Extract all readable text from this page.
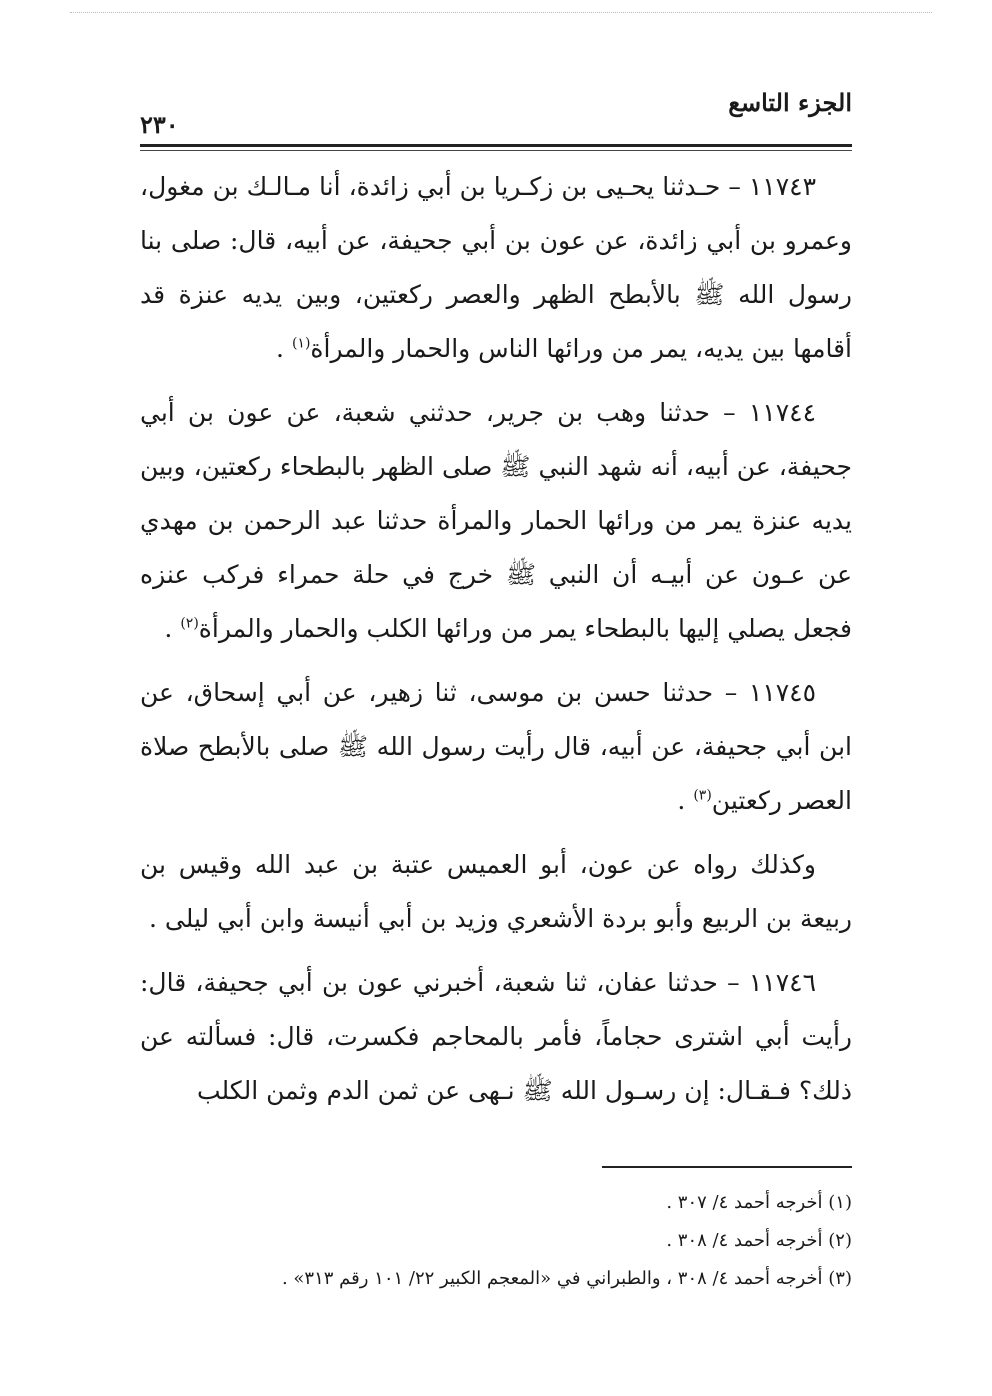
الجزء التاسع
٢٣٠

١١٧٤٣ – حـدثنا يحـيى بن زكـريا بن أبي زائدة، أنا مـالـك بن مغول، وعمرو بن أبي زائدة، عن عون بن أبي جحيفة، عن أبيه، قال: صلى بنا رسول الله ﷺ بالأبطح الظهر والعصر ركعتين، وبين يديه عنزة قد أقامها بين يديه، يمر من ورائها الناس والحمار والمرأة$^{(١)}$ .

١١٧٤٤ – حدثنا وهب بن جرير، حدثني شعبة، عن عون بن أبي جحيفة، عن أبيه، أنه شهد النبي ﷺ صلى الظهر بالبطحاء ركعتين، وبين يديه عنزة يمر من ورائها الحمار والمرأة حدثنا عبد الرحمن بن مهدي عن عـون عن أبيـه أن النبي ﷺ خرج في حلة حمراء فركب عنزه فجعل يصلي إليها بالبطحاء يمر من ورائها الكلب والحمار والمرأة$^{(٢)}$ .

١١٧٤٥ – حدثنا حسن بن موسى، ثنا زهير، عن أبي إسحاق، عن ابن أبي جحيفة، عن أبيه، قال رأيت رسول الله ﷺ صلى بالأبطح صلاة العصر ركعتين$^{(٣)}$ .

وكذلك رواه عن عون، أبو العميس عتبة بن عبد الله وقيس بن ربيعة بن الربيع وأبو بردة الأشعري وزيد بن أبي أنيسة وابن أبي ليلى .

١١٧٤٦ – حدثنا عفان، ثنا شعبة، أخبرني عون بن أبي جحيفة، قال: رأيت أبي اشترى حجاماً، فأمر بالمحاجم فكسرت، قال: فسألته عن ذلك؟ فـقـال: إن رسـول الله ﷺ نـهى عن ثمن الدم وثمن الكلب

(١) أخرجه أحمد ٤/ ٣٠٧ .

(٢) أخرجه أحمد ٤/ ٣٠٨ .

(٣) أخرجه أحمد ٤/ ٣٠٨ ، والطبراني في «المعجم الكبير ٢٢/ ١٠١ رقم ٣١٣» .
